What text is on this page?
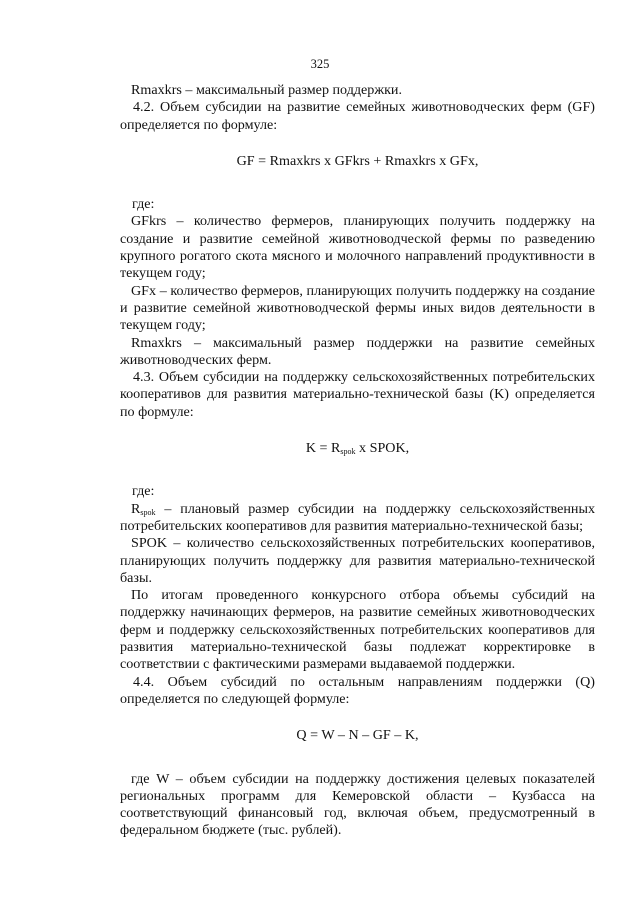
325

Rmaxkrs – максимальный размер поддержки.

4.2. Объем субсидии на развитие семейных животноводческих ферм (GF) определяется по формуле:

GF = Rmaxkrs x GFkrs + Rmaxkrs x GFx,

где:

GFkrs – количество фермеров, планирующих получить поддержку на создание и развитие семейной животноводческой фермы по разведению крупного рогатого скота мясного и молочного направлений продуктивности в текущем году;

GFx – количество фермеров, планирующих получить поддержку на создание и развитие семейной животноводческой фермы иных видов деятельности в текущем году;

Rmaxkrs – максимальный размер поддержки на развитие семейных животноводческих ферм.

4.3. Объем субсидии на поддержку сельскохозяйственных потребительских кооперативов для развития материально-технической базы (K) определяется по формуле:

$K = R_{spok}$ x SPOK,

где:

$R_{spok}$ – плановый размер субсидии на поддержку сельскохозяйственных потребительских кооперативов для развития материально-технической базы;

SPOK – количество сельскохозяйственных потребительских кооперативов, планирующих получить поддержку для развития материально-технической базы.

По итогам проведенного конкурсного отбора объемы субсидий на поддержку начинающих фермеров, на развитие семейных животноводческих ферм и поддержку сельскохозяйственных потребительских кооперативов для развития материально-технической базы подлежат корректировке в соответствии с фактическими размерами выдаваемой поддержки.

4.4. Объем субсидий по остальным направлениям поддержки (Q) определяется по следующей формуле:

Q = W – N – GF – K,

где W – объем субсидии на поддержку достижения целевых показателей региональных программ для Кемеровской области – Кузбасса на соответствующий финансовый год, включая объем, предусмотренный в федеральном бюджете (тыс. рублей).
